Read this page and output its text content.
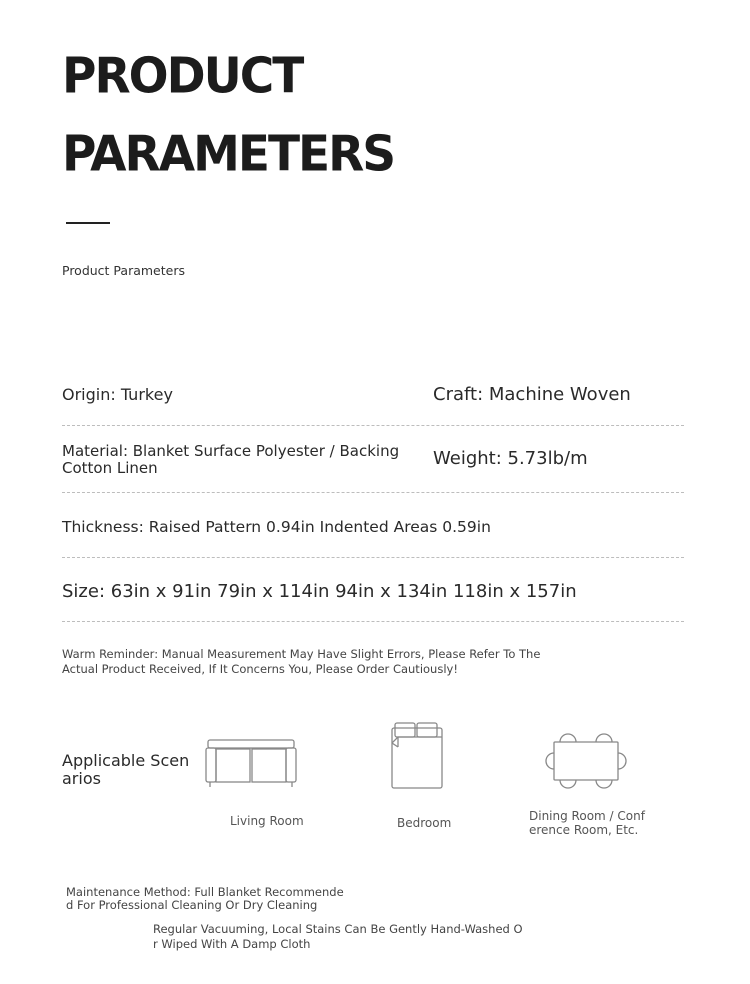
PRODUCT
PARAMETERS
Product Parameters
Origin: Turkey	Craft: Machine Woven
Material: Blanket Surface Polyester / Backing Cotton Linen	Weight: 5.73lb/m
Thickness: Raised Pattern 0.94in Indented Areas 0.59in
Size: 63in x 91in 79in x 114in 94in x 134in 118in x 157in
Warm Reminder: Manual Measurement May Have Slight Errors, Please Refer To The Actual Product Received, If It Concerns You, Please Order Cautiously!
Applicable Scenarios
Living Room	Bedroom	Dining Room / Conference Room, Etc.
Maintenance Method: Full Blanket Recommended For Professional Cleaning Or Dry Cleaning
Regular Vacuuming, Local Stains Can Be Gently Hand-Washed Or Wiped With A Damp Cloth
